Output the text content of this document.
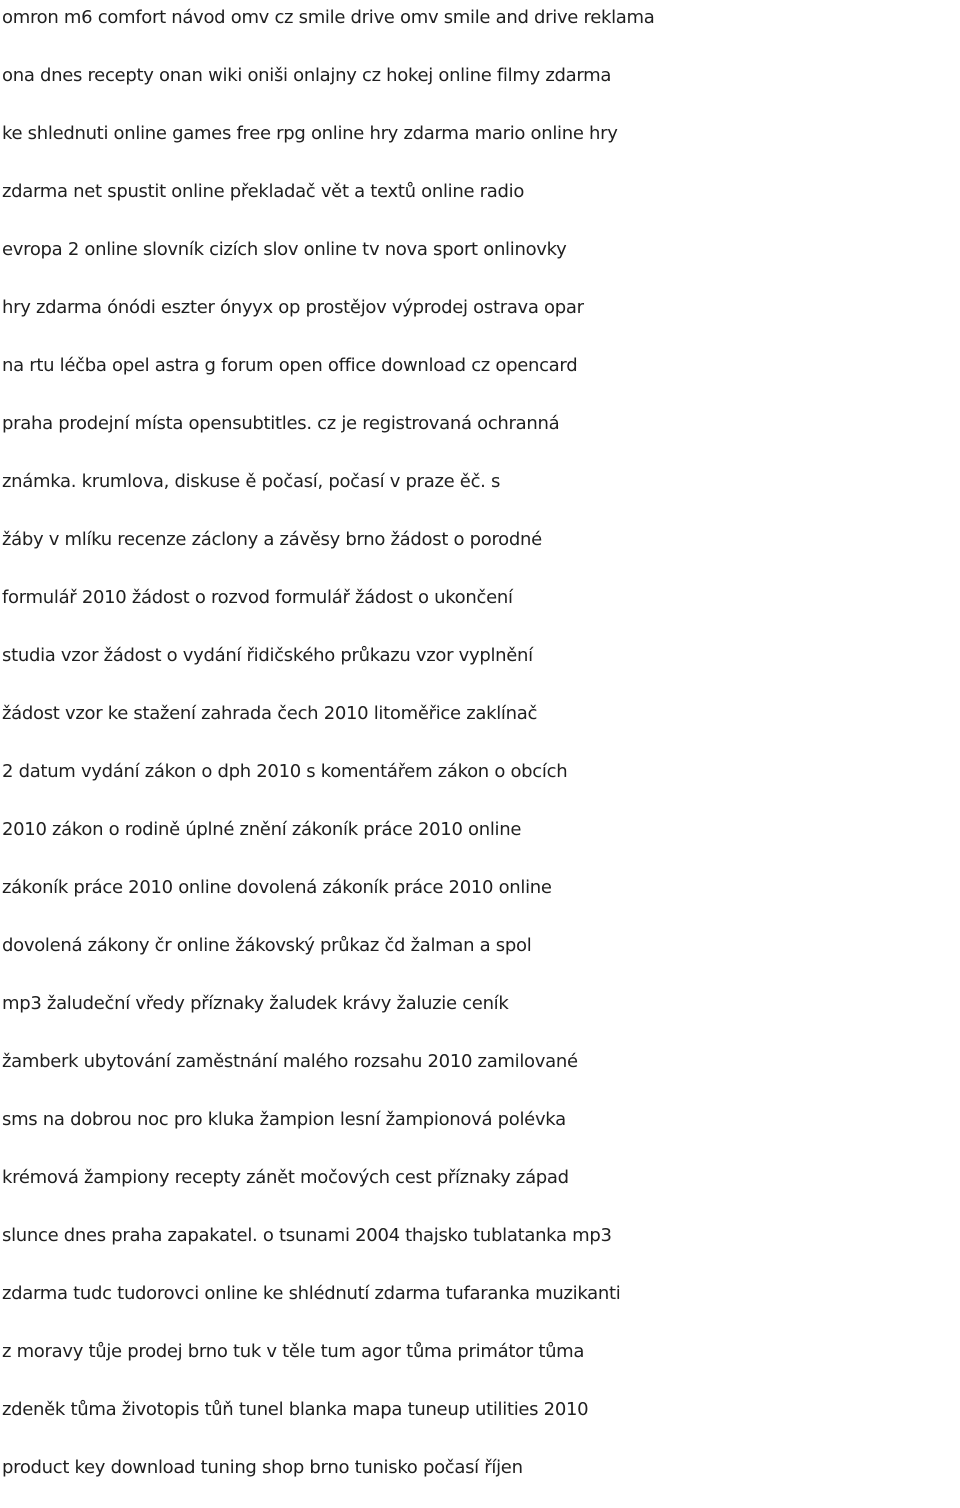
omron m6 comfort návod omv cz smile drive omv smile and drive reklama
ona dnes recepty onan wiki oniši onlajny cz hokej online filmy zdarma
ke shlednuti online games free rpg online hry zdarma mario online hry
zdarma net spustit online překladač vět a textů online radio
evropa 2 online slovník cizích slov online tv nova sport onlinovky
hry zdarma ónódi eszter ónyyx op prostějov výprodej ostrava opar
na rtu léčba opel astra g forum open office download cz opencard
praha prodejní místa opensubtitles. cz je registrovaná ochranná
známka. krumlova, diskuse ě počasí, počasí v praze ěč. s
žáby v mlíku recenze záclony a závěsy brno žádost o porodné
formulář 2010 žádost o rozvod formulář žádost o ukončení
studia vzor žádost o vydání řidičského průkazu vzor vyplnění
žádost vzor ke stažení zahrada čech 2010 litoměřice zaklínač
2 datum vydání zákon o dph 2010 s komentářem zákon o obcích
2010 zákon o rodině úplné znění zákoník práce 2010 online
zákoník práce 2010 online dovolená zákoník práce 2010 online
dovolená zákony čr online žákovský průkaz čd žalman a spol
mp3 žaludeční vředy příznaky žaludek krávy žaluzie ceník
žamberk ubytování zaměstnání malého rozsahu 2010 zamilované
sms na dobrou noc pro kluka žampion lesní žampionová polévka
krémová žampiony recepty zánět močových cest příznaky západ
slunce dnes praha zapakatel. o tsunami 2004 thajsko tublatanka mp3
zdarma tudc tudorovci online ke shlédnutí zdarma tufaranka muzikanti
z moravy tůje prodej brno tuk v těle tum agor tůma primátor tůma
zdeněk tůma životopis tůň tunel blanka mapa tuneup utilities 2010
product key download tuning shop brno tunisko počasí říjen
